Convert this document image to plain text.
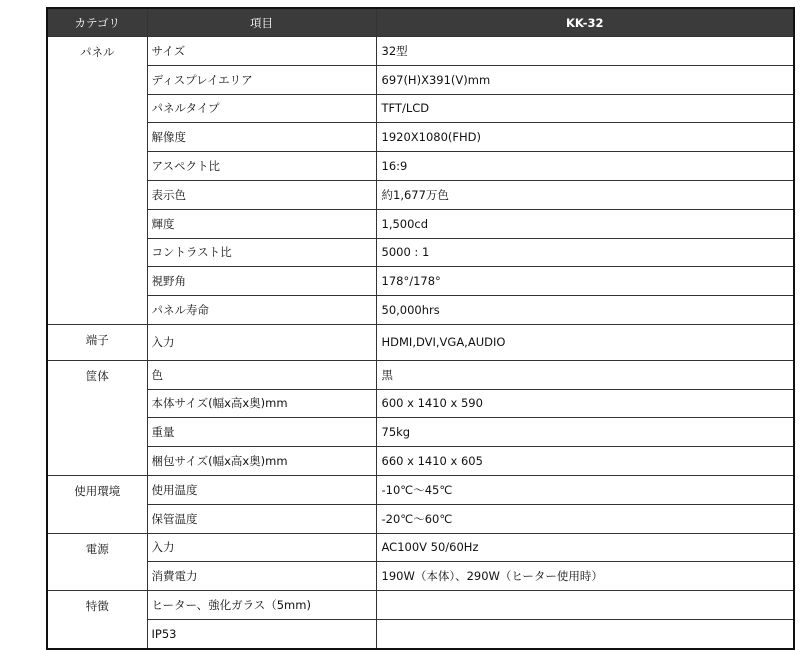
カテゴリ	項目	KK-32
パネル	サイズ	32型
	ディスプレイエリア	697(H)X391(V)mm
	パネルタイプ	TFT/LCD
	解像度	1920X1080(FHD)
	アスペクト比	16:9
	表示色	約1,677万色
	輝度	1,500cd
	コントラスト比	5000 : 1
	視野角	178°/178°
	パネル寿命	50,000hrs
端子	入力	HDMI,DVI,VGA,AUDIO
筐体	色	黒
	本体サイズ(幅x高x奥)mm	600 x 1410 x 590
	重量	75kg
	梱包サイズ(幅x高x奥)mm	660 x 1410 x 605
使用環境	使用温度	-10℃～45℃
	保管温度	-20℃～60℃
電源	入力	AC100V 50/60Hz
	消費電力	190W（本体）、290W（ヒーター使用時）
特徴	ヒーター、強化ガラス（5mm)	
	IP53	
